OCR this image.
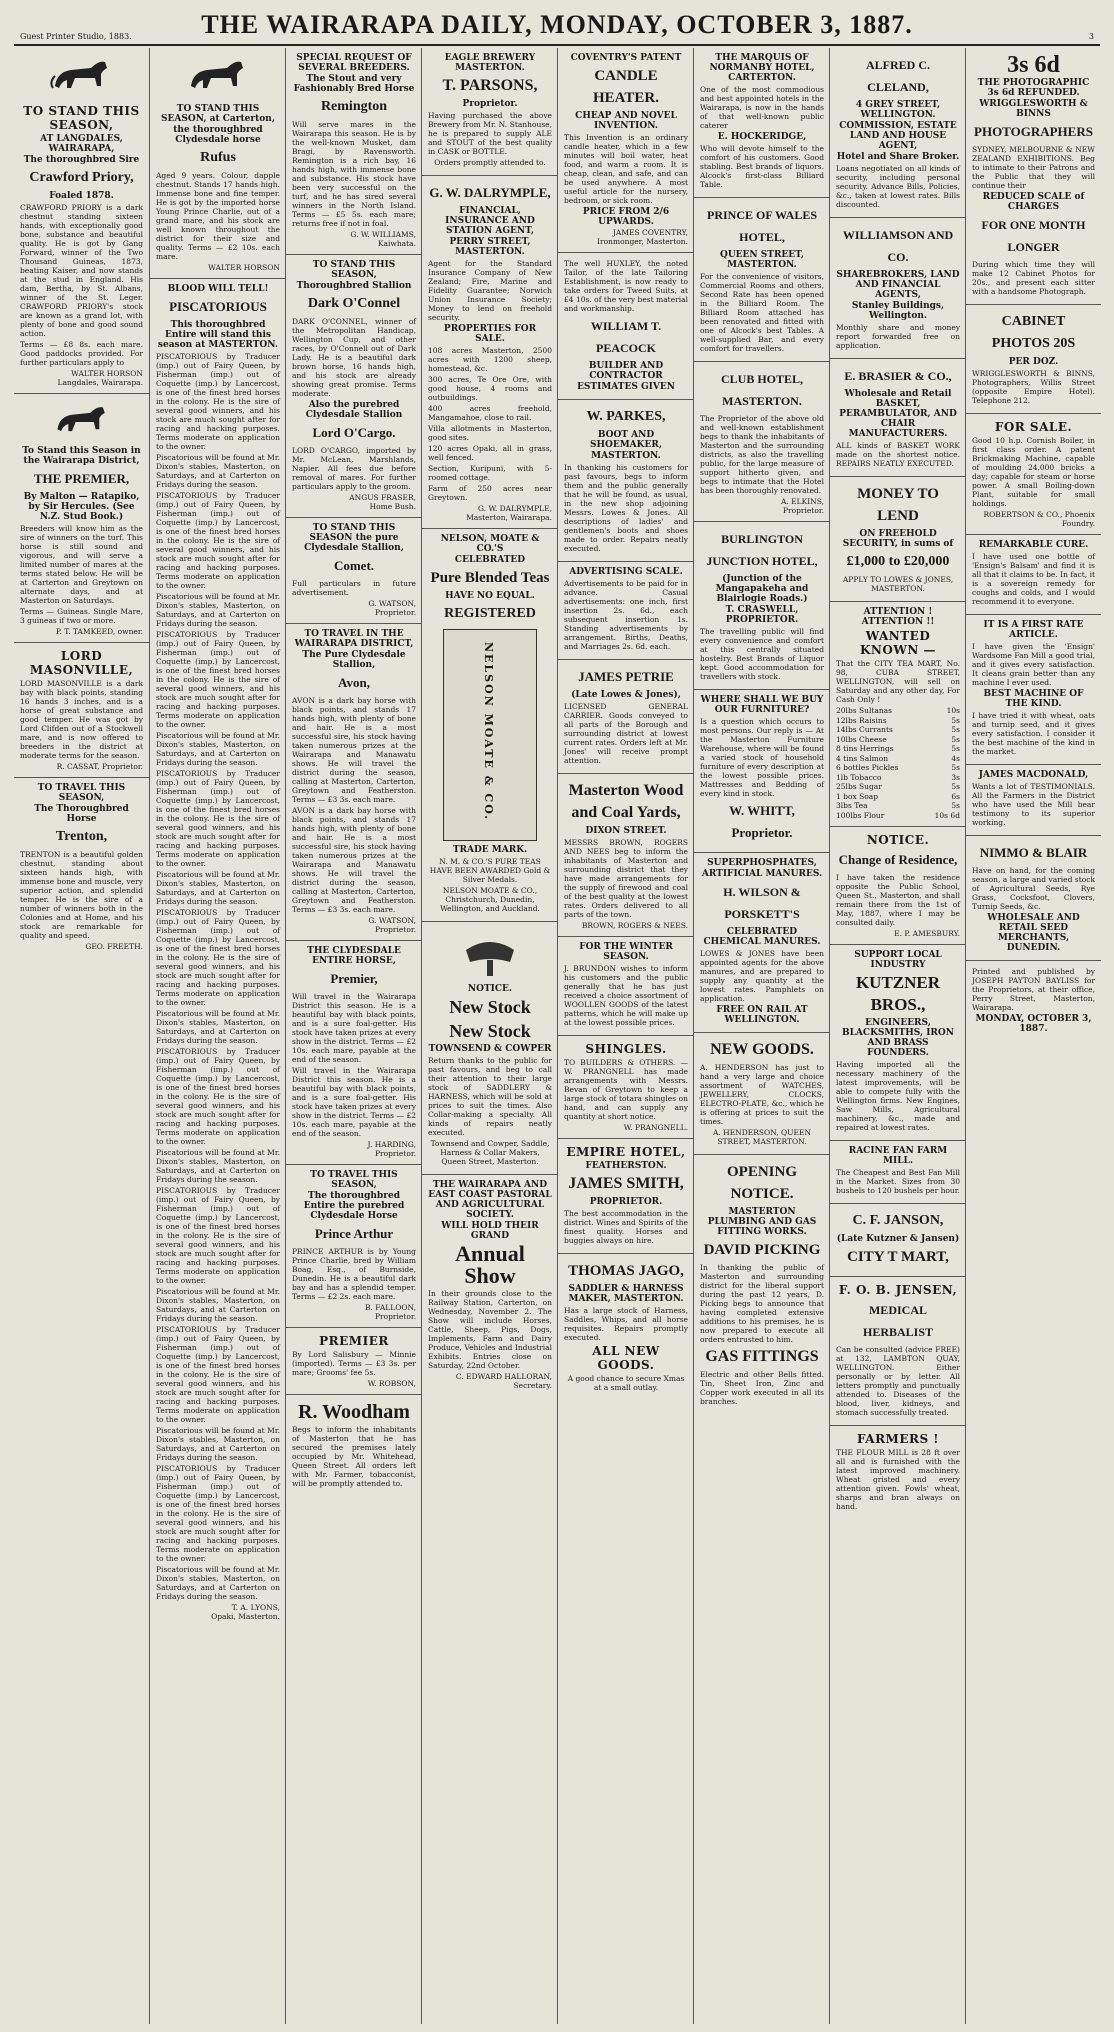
Guest Printer Studio, 1883.	THE WAIRARAPA DAILY, MONDAY, OCTOBER 3, 1887.	3
TO STAND THIS SEASON,
AT LANGDALES, WAIRARAPA,
The thoroughbred Sire
Crawford Priory,
Foaled 1878.
CRAWFORD PRIORY is a dark chestnut standing sixteen hands, with exceptionally good bone, substance and beautiful quality. He is got by Gang Forward, winner of the Two Thousand Guineas, 1873, beating Kaiser, and now stands at the stud in England. His dam, Bertha, by St. Albans, winner of the St. Leger. CRAWFORD PRIORY's stock are known as a grand lot, with plenty of bone and good sound action.
Terms — £8 8s. each mare. Good paddocks provided. For further particulars apply to
WALTER HORSON
Langdales, Wairarapa.
To Stand this Season in the Wairarapa District,
THE PREMIER,
By Malton — Ratapiko, by Sir Hercules. (See N.Z. Stud Book.)
Breeders will know him as the sire of winners on the turf. This horse is still sound and vigorous, and will serve a limited number of mares at the terms stated below. He will be at Carterton and Greytown on alternate days, and at Masterton on Saturdays.
Terms — Guineas. Single Mare, 3 guineas if two or more.
P. T. TAMKEED, owner.
LORD MASONVILLE,
LORD MASONVILLE is a dark bay with black points, standing 16 hands 3 inches, and is a horse of great substance and good temper. He was got by Lord Clifden out of a Stockwell mare, and is now offered to breeders in the district at moderate terms for the season.
R. CASSAT, Proprietor.
TO TRAVEL THIS SEASON,
The Thoroughbred Horse
Trenton,
TRENTON is a beautiful golden chestnut, standing about sixteen hands high, with immense bone and muscle, very superior action, and splendid temper. He is the sire of a number of winners both in the Colonies and at Home, and his stock are remarkable for quality and speed.
GEO. FREETH.
TO STAND THIS SEASON, at Carterton,
the thoroughbred Clydesdale horse
Rufus
Aged 9 years. Colour, dapple chestnut. Stands 17 hands high. Immense bone and fine temper. He is got by the imported horse Young Prince Charlie, out of a grand mare, and his stock are well known throughout the district for their size and quality. Terms — £2 10s. each mare.
WALTER HORSON
BLOOD WILL TELL!
PISCATORIOUS
This thoroughbred Entire will stand this season at MASTERTON.
PISCATORIOUS by Traducer (imp.) out of Fairy Queen, by Fisherman (imp.) out of Coquette (imp.) by Lancercost, is one of the finest bred horses in the colony. He is the sire of several good winners, and his stock are much sought after for racing and hacking purposes. Terms moderate on application to the owner.
Piscatorious will be found at Mr. Dixon's stables, Masterton, on Saturdays, and at Carterton on Fridays during the season.
PISCATORIOUS by Traducer (imp.) out of Fairy Queen, by Fisherman (imp.) out of Coquette (imp.) by Lancercost, is one of the finest bred horses in the colony. He is the sire of several good winners, and his stock are much sought after for racing and hacking purposes. Terms moderate on application to the owner.
Piscatorious will be found at Mr. Dixon's stables, Masterton, on Saturdays, and at Carterton on Fridays during the season.
PISCATORIOUS by Traducer (imp.) out of Fairy Queen, by Fisherman (imp.) out of Coquette (imp.) by Lancercost, is one of the finest bred horses in the colony. He is the sire of several good winners, and his stock are much sought after for racing and hacking purposes. Terms moderate on application to the owner.
Piscatorious will be found at Mr. Dixon's stables, Masterton, on Saturdays, and at Carterton on Fridays during the season.
PISCATORIOUS by Traducer (imp.) out of Fairy Queen, by Fisherman (imp.) out of Coquette (imp.) by Lancercost, is one of the finest bred horses in the colony. He is the sire of several good winners, and his stock are much sought after for racing and hacking purposes. Terms moderate on application to the owner.
Piscatorious will be found at Mr. Dixon's stables, Masterton, on Saturdays, and at Carterton on Fridays during the season.
PISCATORIOUS by Traducer (imp.) out of Fairy Queen, by Fisherman (imp.) out of Coquette (imp.) by Lancercost, is one of the finest bred horses in the colony. He is the sire of several good winners, and his stock are much sought after for racing and hacking purposes. Terms moderate on application to the owner.
Piscatorious will be found at Mr. Dixon's stables, Masterton, on Saturdays, and at Carterton on Fridays during the season.
PISCATORIOUS by Traducer (imp.) out of Fairy Queen, by Fisherman (imp.) out of Coquette (imp.) by Lancercost, is one of the finest bred horses in the colony. He is the sire of several good winners, and his stock are much sought after for racing and hacking purposes. Terms moderate on application to the owner.
Piscatorious will be found at Mr. Dixon's stables, Masterton, on Saturdays, and at Carterton on Fridays during the season.
PISCATORIOUS by Traducer (imp.) out of Fairy Queen, by Fisherman (imp.) out of Coquette (imp.) by Lancercost, is one of the finest bred horses in the colony. He is the sire of several good winners, and his stock are much sought after for racing and hacking purposes. Terms moderate on application to the owner.
Piscatorious will be found at Mr. Dixon's stables, Masterton, on Saturdays, and at Carterton on Fridays during the season.
PISCATORIOUS by Traducer (imp.) out of Fairy Queen, by Fisherman (imp.) out of Coquette (imp.) by Lancercost, is one of the finest bred horses in the colony. He is the sire of several good winners, and his stock are much sought after for racing and hacking purposes. Terms moderate on application to the owner.
Piscatorious will be found at Mr. Dixon's stables, Masterton, on Saturdays, and at Carterton on Fridays during the season.
PISCATORIOUS by Traducer (imp.) out of Fairy Queen, by Fisherman (imp.) out of Coquette (imp.) by Lancercost, is one of the finest bred horses in the colony. He is the sire of several good winners, and his stock are much sought after for racing and hacking purposes. Terms moderate on application to the owner.
Piscatorious will be found at Mr. Dixon's stables, Masterton, on Saturdays, and at Carterton on Fridays during the season.
T. A. LYONS,
Opaki, Masterton.
SPECIAL REQUEST OF SEVERAL BREEDERS.
The Stout and very Fashionably Bred Horse
Remington
Will serve mares in the Wairarapa this season. He is by the well-known Musket, dam Bragi, by Ravensworth. Remington is a rich bay, 16 hands high, with immense bone and substance. His stock have been very successful on the turf, and he has sired several winners in the North Island. Terms — £5 5s. each mare; returns free if not in foal.
G. W. WILLIAMS,
Kaiwhata.
TO STAND THIS SEASON,
Thoroughbred Stallion
Dark O'Connel
DARK O'CONNEL, winner of the Metropolitan Handicap, Wellington Cup, and other races, by O'Connell out of Dark Lady. He is a beautiful dark brown horse, 16 hands high, and his stock are already showing great promise. Terms moderate.
Also the purebred Clydesdale Stallion
Lord O'Cargo.
LORD O'CARGO, imported by Mr. McLean, Marshlands, Napier. All fees due before removal of mares. For further particulars apply to the groom.
ANGUS FRASER,
Home Bush.
TO STAND THIS SEASON the pure Clydesdale Stallion,
Comet.
Full particulars in future advertisement.
G. WATSON,
Proprietor.
TO TRAVEL IN THE WAIRARAPA DISTRICT,
The Pure Clydesdale Stallion,
Avon,
AVON is a dark bay horse with black points, and stands 17 hands high, with plenty of bone and hair. He is a most successful sire, his stock having taken numerous prizes at the Wairarapa and Manawatu shows. He will travel the district during the season, calling at Masterton, Carterton, Greytown and Featherston. Terms — £3 3s. each mare.
AVON is a dark bay horse with black points, and stands 17 hands high, with plenty of bone and hair. He is a most successful sire, his stock having taken numerous prizes at the Wairarapa and Manawatu shows. He will travel the district during the season, calling at Masterton, Carterton, Greytown and Featherston. Terms — £3 3s. each mare.
G. WATSON,
Proprietor.
THE CLYDESDALE ENTIRE HORSE,
Premier,
Will travel in the Wairarapa District this season. He is a beautiful bay with black points, and is a sure foal-getter. His stock have taken prizes at every show in the district. Terms — £2 10s. each mare, payable at the end of the season.
Will travel in the Wairarapa District this season. He is a beautiful bay with black points, and is a sure foal-getter. His stock have taken prizes at every show in the district. Terms — £2 10s. each mare, payable at the end of the season.
J. HARDING,
Proprietor.
TO TRAVEL THIS SEASON,
The thoroughbred Entire the purebred Clydesdale Horse
Prince Arthur
PRINCE ARTHUR is by Young Prince Charlie, bred by William Boag, Esq., of Burnside, Dunedin. He is a beautiful dark bay and has a splendid temper. Terms — £2 2s. each mare.
B. FALLOON,
Proprietor.
PREMIER
By Lord Salisbury — Minnie (imported). Terms — £3 3s. per mare; Grooms' fee 5s.
W. ROBSON,
R. Woodham
Begs to inform the inhabitants of Masterton that he has secured the premises lately occupied by Mr. Whitehead, Queen Street. All orders left with Mr. Farmer, tobacconist, will be promptly attended to.
EAGLE BREWERY MASTERTON.
T. PARSONS,
Proprietor.
Having purchased the above Brewery from Mr. N. Stanhouse, he is prepared to supply ALE and STOUT of the best quality in CASK or BOTTLE.
Orders promptly attended to.
G. W. DALRYMPLE,
FINANCIAL, INSURANCE AND STATION AGENT,
PERRY STREET, MASTERTON.
Agent for the Standard Insurance Company of New Zealand; Fire, Marine and Fidelity Guarantee; Norwich Union Insurance Society; Money to lend on freehold security.
PROPERTIES FOR SALE.
108 acres Masterton, 2500 acres with 1200 sheep, homestead, &c.
300 acres, Te Ore Ore, with good house, 4 rooms and outbuildings.
400 acres freehold, Mangamahoe, close to rail.
Villa allotments in Masterton, good sites.
120 acres Opaki, all in grass, well fenced.
Section, Kuripuni, with 5-roomed cottage.
Farm of 250 acres near Greytown.
G. W. DALRYMPLE,
Masterton, Wairarapa.
NELSON, MOATE & CO.'S
CELEBRATED
Pure Blended Teas
HAVE NO EQUAL.
REGISTERED
NELSON MOATE & CO.
TRADE MARK.
N. M. & CO.'S PURE TEAS HAVE BEEN AWARDED Gold & Silver Medals.
NELSON MOATE & CO., Christchurch, Dunedin, Wellington, and Auckland.
NOTICE.
New Stock
New Stock
TOWNSEND & COWPER
Return thanks to the public for past favours, and beg to call their attention to their large stock of SADDLERY & HARNESS, which will be sold at prices to suit the times. Also Collar-making a specialty. All kinds of repairs neatly executed.
Townsend and Cowper, Saddle, Harness & Collar Makers, Queen Street, Masterton.
THE WAIRARAPA AND EAST COAST PASTORAL AND AGRICULTURAL SOCIETY.
WILL HOLD THEIR GRAND
Annual Show
In their grounds close to the Railway Station, Carterton, on Wednesday, November 2. The Show will include Horses, Cattle, Sheep, Pigs, Dogs, Implements, Farm and Dairy Produce, Vehicles and Industrial Exhibits. Entries close on Saturday, 22nd October.
C. EDWARD HALLORAN, Secretary.
COVENTRY'S PATENT
CANDLE HEATER.
CHEAP AND NOVEL INVENTION.
This Invention is an ordinary candle heater, which in a few minutes will boil water, heat food, and warm a room. It is cheap, clean, and safe, and can be used anywhere. A most useful article for the nursery, bedroom, or sick room.
PRICE FROM 2/6 UPWARDS.
JAMES COVENTRY, Ironmonger, Masterton.
The well HUXLEY, the noted Tailor, of the late Tailoring Establishment, is now ready to take orders for Tweed Suits, at £4 10s. of the very best material and workmanship.
WILLIAM T. PEACOCK
BUILDER AND CONTRACTOR
ESTIMATES GIVEN
W. PARKES,
BOOT AND SHOEMAKER,
MASTERTON.
In thanking his customers for past favours, begs to inform them and the public generally that he will be found, as usual, in the new shop adjoining Messrs. Lowes & Jones. All descriptions of ladies' and gentlemen's boots and shoes made to order. Repairs neatly executed.
ADVERTISING SCALE.
Advertisements to be paid for in advance. Casual advertisements: one inch, first insertion 2s. 6d., each subsequent insertion 1s. Standing advertisements by arrangement. Births, Deaths, and Marriages 2s. 6d. each.
JAMES PETRIE
(Late Lowes & Jones),
LICENSED GENERAL CARRIER. Goods conveyed to all parts of the Borough and surrounding district at lowest current rates. Orders left at Mr. Jones' will receive prompt attention.
Masterton Wood and Coal Yards,
DIXON STREET.
MESSRS BROWN, ROGERS AND NEES beg to inform the inhabitants of Masterton and surrounding district that they have made arrangements for the supply of firewood and coal of the best quality at the lowest rates. Orders delivered to all parts of the town.
BROWN, ROGERS & NEES.
FOR THE WINTER SEASON.
J. BRUNDON wishes to inform his customers and the public generally that he has just received a choice assortment of WOOLLEN GOODS of the latest patterns, which he will make up at the lowest possible prices.
SHINGLES.
TO BUILDERS & OTHERS. — W. PRANGNELL has made arrangements with Messrs. Bevan of Greytown to keep a large stock of totara shingles on hand, and can supply any quantity at short notice.
W. PRANGNELL.
EMPIRE HOTEL,
FEATHERSTON.
JAMES SMITH,
PROPRIETOR.
The best accommodation in the district. Wines and Spirits of the finest quality. Horses and buggies always on hire.
THOMAS JAGO,
SADDLER & HARNESS MAKER, MASTERTON.
Has a large stock of Harness, Saddles, Whips, and all horse requisites. Repairs promptly executed.
ALL NEW GOODS.
A good chance to secure Xmas at a small outlay.
THE MARQUIS OF NORMANBY HOTEL, CARTERTON.
One of the most commodious and best appointed hotels in the Wairarapa, is now in the hands of that well-known public caterer
E. HOCKERIDGE,
Who will devote himself to the comfort of his customers. Good stabling. Best brands of liquors. Alcock's first-class Billiard Table.
PRINCE OF WALES HOTEL,
QUEEN STREET, MASTERTON.
For the convenience of visitors, Commercial Rooms and others, Second Rate has been opened in the Billiard Room. The Billiard Room attached has been renovated and fitted with one of Alcock's best Tables. A well-supplied Bar, and every comfort for travellers.
CLUB HOTEL, MASTERTON.
The Proprietor of the above old and well-known establishment begs to thank the inhabitants of Masterton and the surrounding districts, as also the travelling public, for the large measure of support hitherto given, and begs to intimate that the Hotel has been thoroughly renovated.
A. ELKINS,
Proprietor.
BURLINGTON JUNCTION HOTEL,
(Junction of the Mangapakeha and Blairlogie Roads.)
T. CRASWELL, PROPRIETOR.
The travelling public will find every convenience and comfort at this centrally situated hostelry. Best Brands of Liquor kept. Good accommodation for travellers with stock.
WHERE SHALL WE BUY OUR FURNITURE?
Is a question which occurs to most persons. Our reply is — At the Masterton Furniture Warehouse, where will be found a varied stock of household furniture of every description at the lowest possible prices. Mattresses and Bedding of every kind in stock.
W. WHITT, Proprietor.
SUPERPHOSPHATES,
ARTIFICIAL MANURES.
H. WILSON & PORSKETT'S
CELEBRATED CHEMICAL MANURES.
LOWES & JONES have been appointed agents for the above manures, and are prepared to supply any quantity at the lowest rates. Pamphlets on application.
FREE ON RAIL AT WELLINGTON.
NEW GOODS.
A. HENDERSON has just to hand a very large and choice assortment of WATCHES, JEWELLERY, CLOCKS, ELECTRO-PLATE, &c., which he is offering at prices to suit the times.
A. HENDERSON, QUEEN STREET, MASTERTON.
OPENING NOTICE.
MASTERTON PLUMBING AND GAS FITTING WORKS.
DAVID PICKING
In thanking the public of Masterton and surrounding district for the liberal support during the past 12 years, D. Picking begs to announce that having completed extensive additions to his premises, he is now prepared to execute all orders entrusted to him.
GAS FITTINGS
Electric and other Bells fitted. Tin, Sheet Iron, Zinc and Copper work executed in all its branches.
ALFRED C. CLELAND,
4 GREY STREET, WELLINGTON.
COMMISSION, ESTATE LAND AND HOUSE AGENT,
Hotel and Share Broker.
Loans negotiated on all kinds of security, including personal security. Advance Bills, Policies, &c., taken at lowest rates. Bills discounted.
WILLIAMSON AND CO.
SHAREBROKERS, LAND AND FINANCIAL AGENTS,
Stanley Buildings, Wellington.
Monthly share and money report forwarded free on application.
E. BRASIER & CO.,
Wholesale and Retail BASKET, PERAMBULATOR, AND CHAIR MANUFACTURERS.
ALL kinds of BASKET WORK made on the shortest notice. REPAIRS NEATLY EXECUTED.
MONEY TO LEND
ON FREEHOLD SECURITY, in sums of
£1,000 to £20,000
APPLY TO LOWES & JONES, MASTERTON.
ATTENTION ! ATTENTION !!
WANTED KNOWN —
That the CITY TEA MART, No. 98, CUBA STREET, WELLINGTON, will sell on Saturday and any other day, For Cash Only !
20lbs Sultanas	10s
12lbs Raisins	5s
14lbs Currants	5s
10lbs Cheese	5s
8 tins Herrings	5s
4 tins Salmon	4s
6 bottles Pickles	5s
1lb Tobacco	3s
25lbs Sugar	5s
1 box Soap	6s
3lbs Tea	5s
100lbs Flour	10s 6d
NOTICE.
Change of Residence,
I have taken the residence opposite the Public School, Queen St., Masterton, and shall remain there from the 1st of May, 1887, where I may be consulted daily.
E. P. AMESBURY.
SUPPORT LOCAL INDUSTRY
KUTZNER BROS.,
ENGINEERS, BLACKSMITHS, IRON AND BRASS FOUNDERS.
Having imported all the necessary machinery of the latest improvements, will be able to compete fully with the Wellington firms. New Engines, Saw Mills, Agricultural machinery, &c., made and repaired at lowest rates.
RACINE FAN FARM MILL.
The Cheapest and Best Fan Mill in the Market. Sizes from 30 bushels to 120 bushels per hour.
C. F. JANSON,
(Late Kutzner & Jansen)
CITY T MART,
F. O. B. JENSEN,
MEDICAL HERBALIST
Can be consulted (advice FREE) at 132, LAMBTON QUAY, WELLINGTON. Either personally or by letter. All letters promptly and punctually attended to. Diseases of the blood, liver, kidneys, and stomach successfully treated.
FARMERS !
THE FLOUR MILL is 28 ft over all and is furnished with the latest improved machinery. Wheat gristed and every attention given. Fowls' wheat, sharps and bran always on hand.
3s 6d
THE PHOTOGRAPHIC 3s 6d REFUNDED.
WRIGGLESWORTH & BINNS
PHOTOGRAPHERS
SYDNEY, MELBOURNE & NEW ZEALAND EXHIBITIONS. Beg to intimate to their Patrons and the Public that they will continue their
REDUCED SCALE of CHARGES
FOR ONE MONTH LONGER
During which time they will make 12 Cabinet Photos for 20s., and present each sitter with a handsome Photograph.
CABINET PHOTOS 20S
PER DOZ.
WRIGGLESWORTH & BINNS, Photographers, Willis Street (opposite Empire Hotel). Telephone 212.
FOR SALE.
Good 10 h.p. Cornish Boiler, in first class order. A patent Brickmaking Machine, capable of moulding 24,000 bricks a day; capable for steam or horse power. A small Boiling-down Plant, suitable for small holdings.
ROBERTSON & CO., Phoenix Foundry.
REMARKABLE CURE.
I have used one bottle of 'Ensign's Balsam' and find it is all that it claims to be. In fact, it is a sovereign remedy for coughs and colds, and I would recommend it to everyone.
IT IS A FIRST RATE ARTICLE.
I have given the 'Ensign' Wardsome Fan Mill a good trial, and it gives every satisfaction. It cleans grain better than any machine I ever used.
BEST MACHINE OF THE KIND.
I have tried it with wheat, oats and turnip seed, and it gives every satisfaction. I consider it the best machine of the kind in the market.
JAMES MACDONALD,
Wants a lot of TESTIMONIALS. All the Farmers in the District who have used the Mill bear testimony to its superior working.
NIMMO & BLAIR
Have on hand, for the coming season, a large and varied stock of Agricultural Seeds, Rye Grass, Cocksfoot, Clovers, Turnip Seeds, &c.
WHOLESALE AND RETAIL SEED MERCHANTS, DUNEDIN.
Printed and published by JOSEPH PAYTON BAYLISS for the Proprietors, at their office, Perry Street, Masterton, Wairarapa.
MONDAY, OCTOBER 3, 1887.
